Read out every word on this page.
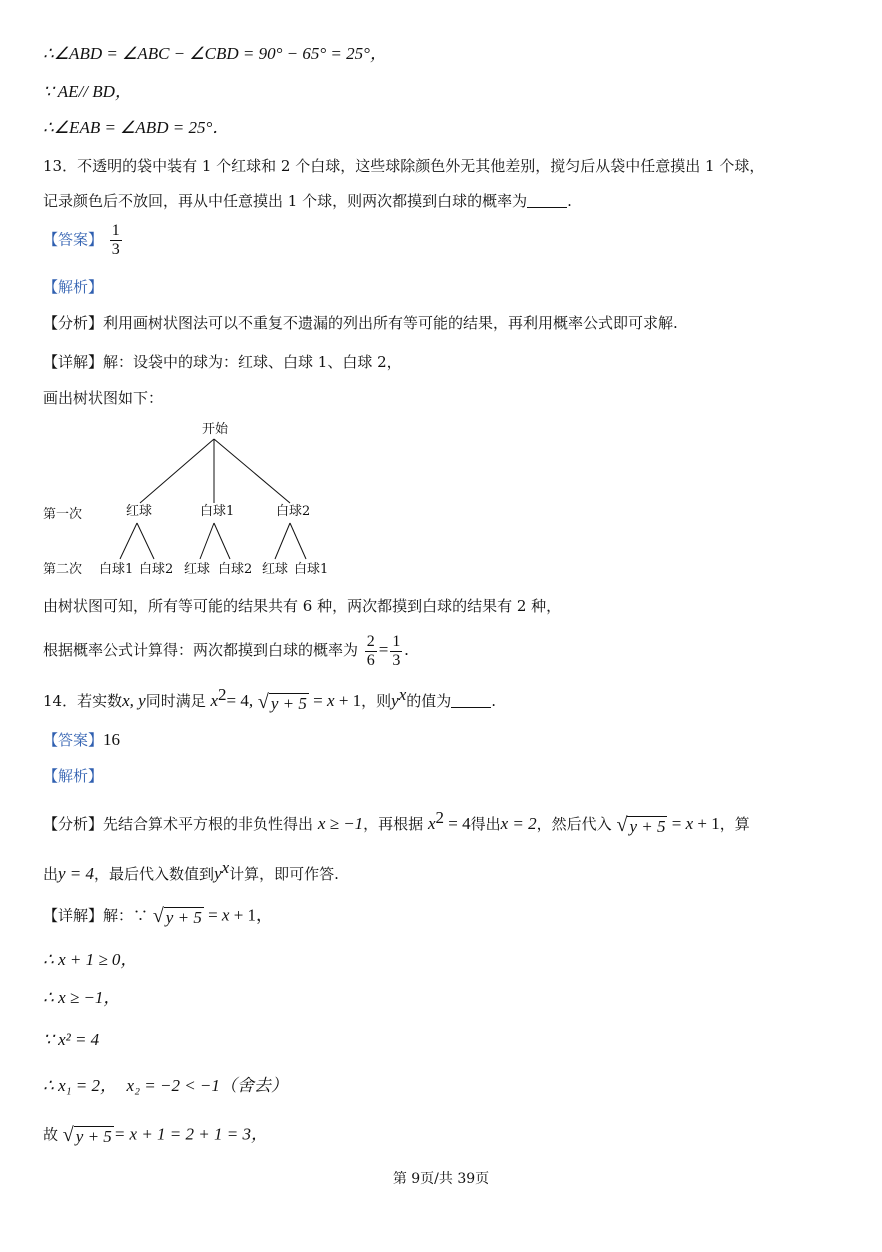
∴∠ABD = ∠ABC − ∠CBD = 90° − 65° = 25°，
∵ AE// BD，
∴∠EAB = ∠ABD = 25°．
13．不透明的袋中装有 1 个红球和 2 个白球，这些球除颜色外无其他差别，搅匀后从袋中任意摸出 1 个球，
记录颜色后不放回，再从中任意摸出 1 个球，则两次都摸到白球的概率为	.
【答案】 $\frac{1}{3}$
【解析】
【分析】利用画树状图法可以不重复不遗漏的列出所有等可能的结果，再利用概率公式即可求解.
【详解】解：设袋中的球为：红球、白球 1、白球 2，
画出树状图如下：
开始
第一次	红球	白球1	白球2
第二次 白球1 白球2 红球 白球2 红球 白球1
由树状图可知，所有等可能的结果共有 6 种，两次都摸到白球的结果有 2 种，
根据概率公式计算得：两次都摸到白球的概率为 $\frac{2}{6} = \frac{1}{3}$ .
14．若实数x, y同时满足 $x^2= 4$, √ y + 5 = x + 1，则$y^x$的值为	.
【答案】16
【解析】
【分析】先结合算术平方根的非负性得出 x ≥ −1，再根据 $x^2 = 4$得出x = 2，然后代入 √ y + 5 = x + 1，算
出y = 4，最后代入数值到$y^x$计算，即可作答.
【详解】解：∵ √ y + 5 = x + 1，
∴ x + 1 ≥ 0，
∴ x ≥ −1，
∵ x² = 4
∴ x₁ = 2， x₂ = −2 < −1（舍去）
故 √ y + 5 = x + 1 = 2 + 1 = 3，
第 9页/共 39页
